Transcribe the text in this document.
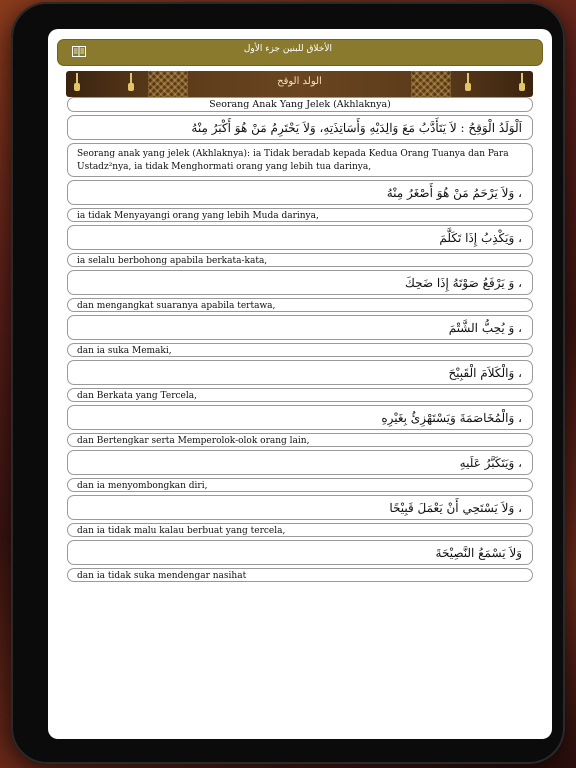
الأخلاق للبنين جزء الأول
الولد الوقح
Seorang Anak Yang Jelek (Akhlaknya)
اَلْوَلَدُ الْوَقِحُ : لاَ يَتَأَدَّبُ مَعَ وَالِدَيْهِ وَأَسَاتِذَتِهِ، وَلاَ يَحْتَرِمُ مَنْ هُوَ أَكْبَرُ مِنْهُ
Seorang anak yang jelek (Akhlaknya): ia Tidak beradab kepada Kedua Orang Tuanya dan Para Ustadz²nya, ia tidak Menghormati orang yang lebih tua darinya,
، وَلاَ يَرْحَمُ مَنْ هُوَ أَصْغَرُ مِنْهُ
ia tidak Menyayangi orang yang lebih Muda darinya,
، وَيَكْذِبُ إِذَا تَكَلَّمَ
ia selalu berbohong apabila berkata-kata,
، وَ يَرْفَعُ صَوْتَهُ إِذَا ضَحِكَ
dan mengangkat suaranya apabila tertawa,
، وَ يُحِبُّ الشَّتْمَ
dan ia suka Memaki,
، وَالْكَلاَمَ الْقَبِيْحَ
dan Berkata yang Tercela,
، وَالْمُخَاصَمَةَ وَيَسْتَهْزِئُ بِغَيْرِهِ
dan Bertengkar serta Memperolok-olok orang lain,
، وَيَتَكَبَّرُ عَلَيهِ
dan ia menyombongkan diri,
، وَلاَ يَسْتَحِي أَنْ يَعْمَلَ قَبِيْحًا
dan ia tidak malu kalau berbuat yang tercela,
وَلاَ يَسْمَعُ النَّصِيْحَةَ
dan ia tidak suka mendengar nasihat
